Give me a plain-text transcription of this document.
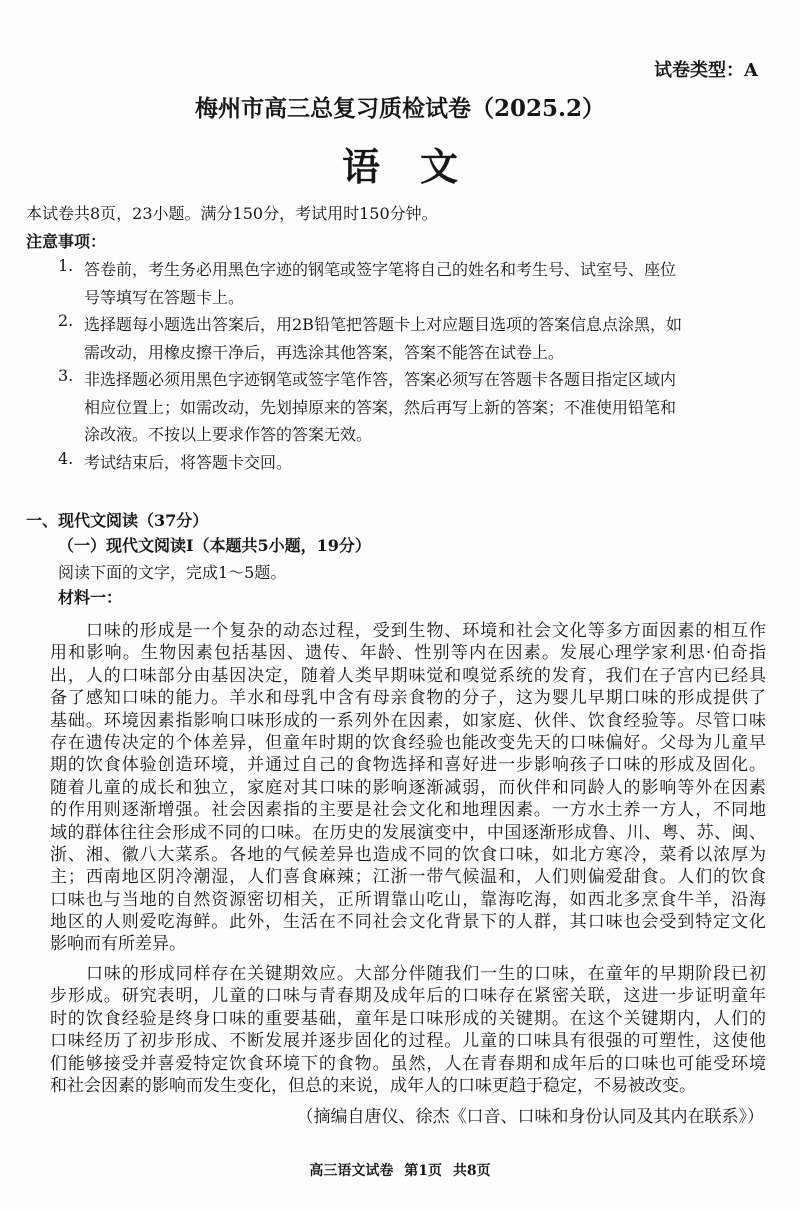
试卷类型：A
梅州市高三总复习质检试卷（2025.2）
语文
本试卷共8页，23小题。满分150分，考试用时150分钟。
注意事项：
1. 答卷前，考生务必用黑色字迹的钢笔或签字笔将自己的姓名和考生号、试室号、座位
号等填写在答题卡上。
2. 选择题每小题选出答案后，用2B铅笔把答题卡上对应题目选项的答案信息点涂黑，如
需改动，用橡皮擦干净后，再选涂其他答案，答案不能答在试卷上。
3. 非选择题必须用黑色字迹钢笔或签字笔作答，答案必须写在答题卡各题目指定区域内
相应位置上；如需改动，先划掉原来的答案，然后再写上新的答案；不准使用铅笔和
涂改液。不按以上要求作答的答案无效。
4. 考试结束后，将答题卡交回。
一、现代文阅读（37分）
（一）现代文阅读Ⅰ（本题共5小题，19分）
阅读下面的文字，完成1～5题。
材料一：
口味的形成是一个复杂的动态过程，受到生物、环境和社会文化等多方面因素的相互作
用和影响。生物因素包括基因、遗传、年龄、性别等内在因素。发展心理学家利思·伯奇指
出，人的口味部分由基因决定，随着人类早期味觉和嗅觉系统的发育，我们在子宫内已经具
备了感知口味的能力。羊水和母乳中含有母亲食物的分子，这为婴儿早期口味的形成提供了
基础。环境因素指影响口味形成的一系列外在因素，如家庭、伙伴、饮食经验等。尽管口味
存在遗传决定的个体差异，但童年时期的饮食经验也能改变先天的口味偏好。父母为儿童早
期的饮食体验创造环境，并通过自己的食物选择和喜好进一步影响孩子口味的形成及固化。
随着儿童的成长和独立，家庭对其口味的影响逐渐减弱，而伙伴和同龄人的影响等外在因素
的作用则逐渐增强。社会因素指的主要是社会文化和地理因素。一方水土养一方人，不同地
域的群体往往会形成不同的口味。在历史的发展演变中，中国逐渐形成鲁、川、粤、苏、闽、
浙、湘、徽八大菜系。各地的气候差异也造成不同的饮食口味，如北方寒冷，菜肴以浓厚为
主；西南地区阴冷潮湿，人们喜食麻辣；江浙一带气候温和，人们则偏爱甜食。人们的饮食
口味也与当地的自然资源密切相关，正所谓靠山吃山，靠海吃海，如西北多烹食牛羊，沿海
地区的人则爱吃海鲜。此外，生活在不同社会文化背景下的人群，其口味也会受到特定文化
影响而有所差异。
口味的形成同样存在关键期效应。大部分伴随我们一生的口味，在童年的早期阶段已初
步形成。研究表明，儿童的口味与青春期及成年后的口味存在紧密关联，这进一步证明童年
时的饮食经验是终身口味的重要基础，童年是口味形成的关键期。在这个关键期内，人们的
口味经历了初步形成、不断发展并逐步固化的过程。儿童的口味具有很强的可塑性，这使他
们能够接受并喜爱特定饮食环境下的食物。虽然，人在青春期和成年后的口味也可能受环境
和社会因素的影响而发生变化，但总的来说，成年人的口味更趋于稳定，不易被改变。
（摘编自唐仪、徐杰《口音、口味和身份认同及其内在联系》）
高三语文试卷 第1页 共8页
